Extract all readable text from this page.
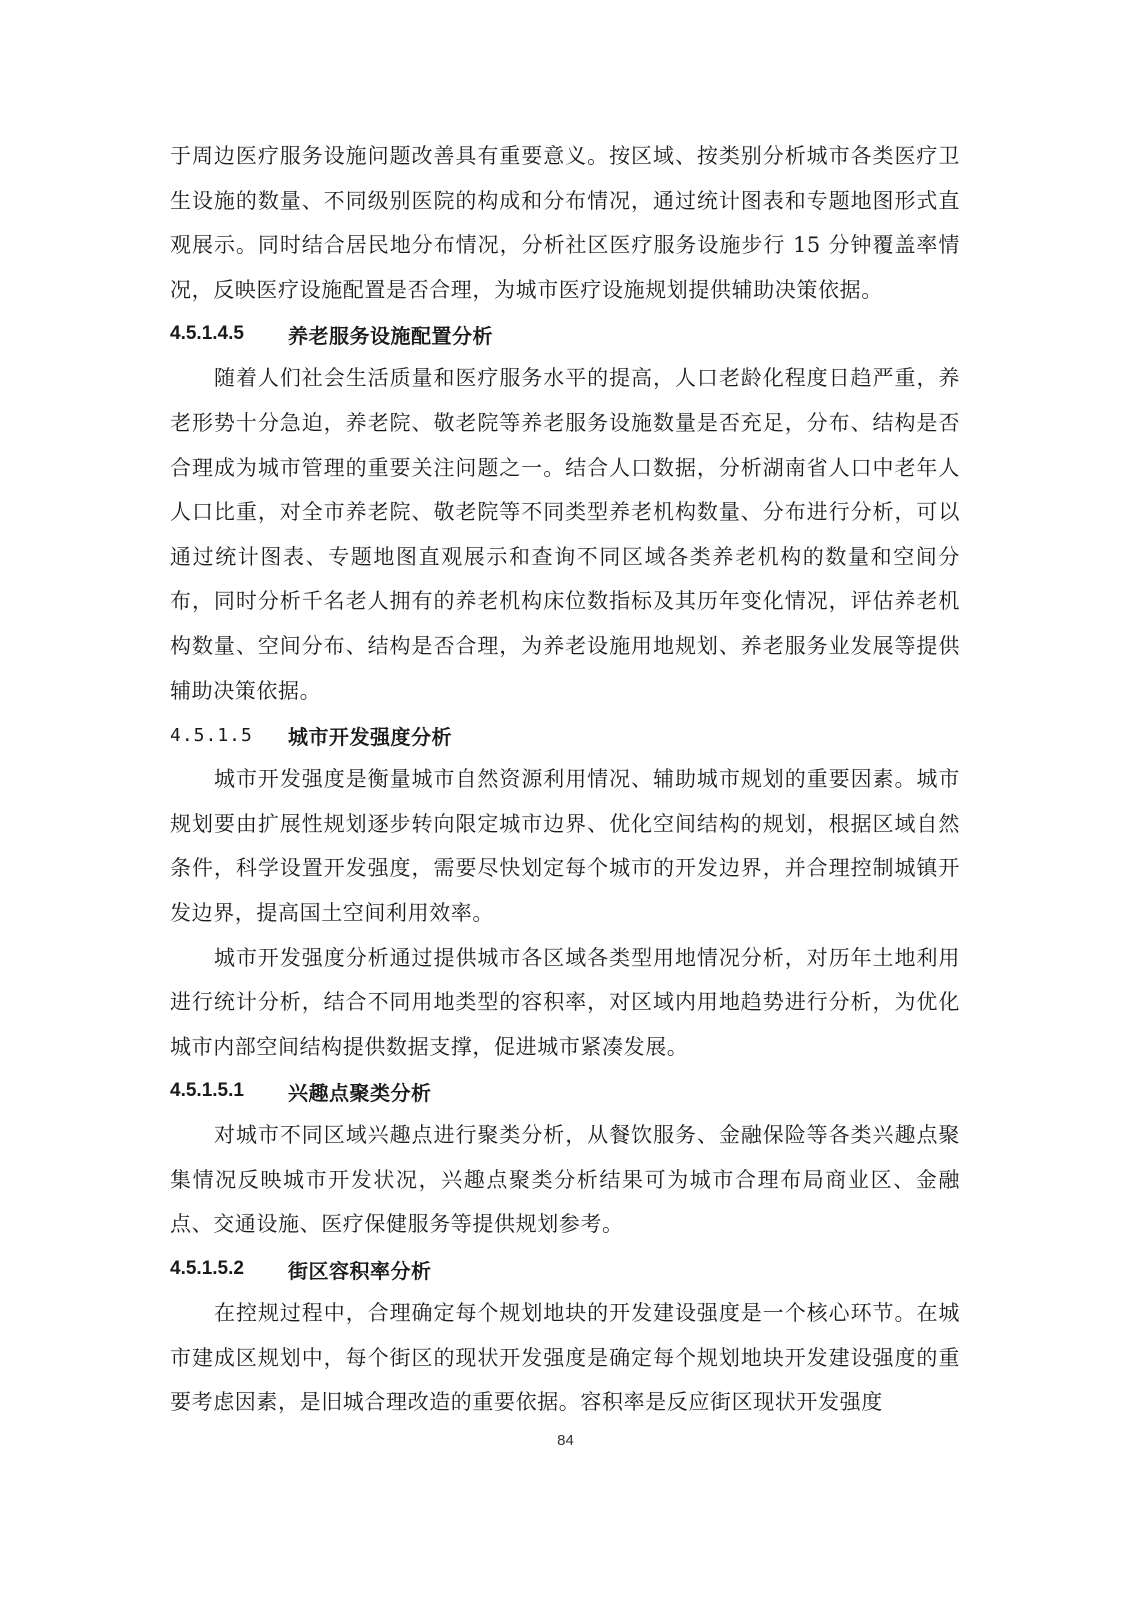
于周边医疗服务设施问题改善具有重要意义。按区域、按类别分析城市各类医疗卫生设施的数量、不同级别医院的构成和分布情况，通过统计图表和专题地图形式直观展示。同时结合居民地分布情况，分析社区医疗服务设施步行 15 分钟覆盖率情况，反映医疗设施配置是否合理，为城市医疗设施规划提供辅助决策依据。

4.5.1.4.5	养老服务设施配置分析

随着人们社会生活质量和医疗服务水平的提高，人口老龄化程度日趋严重，养老形势十分急迫，养老院、敬老院等养老服务设施数量是否充足，分布、结构是否合理成为城市管理的重要关注问题之一。结合人口数据，分析湖南省人口中老年人人口比重，对全市养老院、敬老院等不同类型养老机构数量、分布进行分析，可以通过统计图表、专题地图直观展示和查询不同区域各类养老机构的数量和空间分布，同时分析千名老人拥有的养老机构床位数指标及其历年变化情况，评估养老机构数量、空间分布、结构是否合理，为养老设施用地规划、养老服务业发展等提供辅助决策依据。

4.5.1.5	城市开发强度分析

城市开发强度是衡量城市自然资源利用情况、辅助城市规划的重要因素。城市规划要由扩展性规划逐步转向限定城市边界、优化空间结构的规划，根据区域自然条件，科学设置开发强度，需要尽快划定每个城市的开发边界，并合理控制城镇开发边界，提高国土空间利用效率。

城市开发强度分析通过提供城市各区域各类型用地情况分析，对历年土地利用进行统计分析，结合不同用地类型的容积率，对区域内用地趋势进行分析，为优化城市内部空间结构提供数据支撑，促进城市紧凑发展。

4.5.1.5.1	兴趣点聚类分析

对城市不同区域兴趣点进行聚类分析，从餐饮服务、金融保险等各类兴趣点聚集情况反映城市开发状况，兴趣点聚类分析结果可为城市合理布局商业区、金融点、交通设施、医疗保健服务等提供规划参考。

4.5.1.5.2	街区容积率分析

在控规过程中，合理确定每个规划地块的开发建设强度是一个核心环节。在城市建成区规划中，每个街区的现状开发强度是确定每个规划地块开发建设强度的重要考虑因素，是旧城合理改造的重要依据。容积率是反应街区现状开发强度

84
